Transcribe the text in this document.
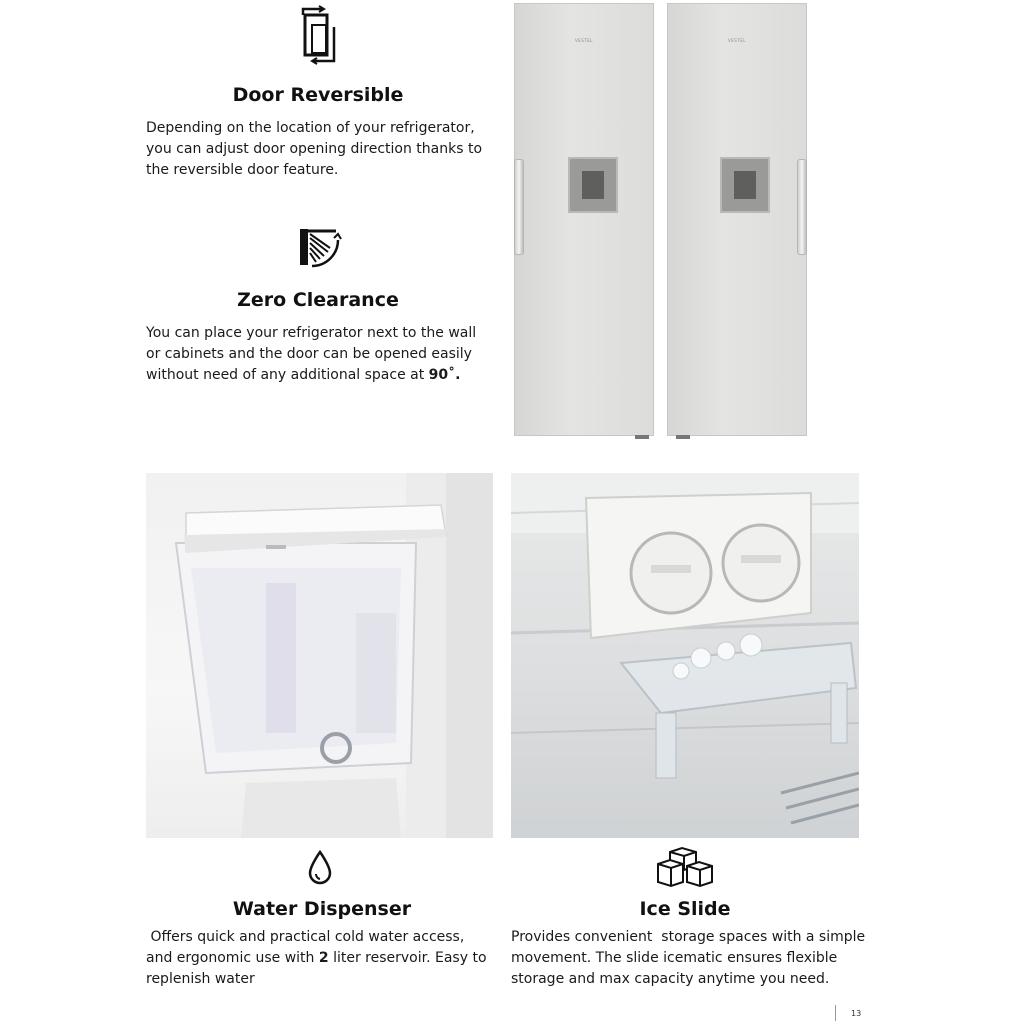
Door Reversible
Depending on the location of your refrigerator,
you can adjust door opening direction thanks to
the reversible door feature.
Zero Clearance
You can place your refrigerator next to the wall
or cabinets and the door can be opened easily
without need of any additional space at 90˚.
VESTEL	VESTEL
Water Dispenser
Offers quick and practical cold water access,
and ergonomic use with 2 liter reservoir. Easy to
replenish water
Ice Slide
Provides convenient  storage spaces with a simple
movement. The slide icematic ensures flexible
storage and max capacity anytime you need.
13
